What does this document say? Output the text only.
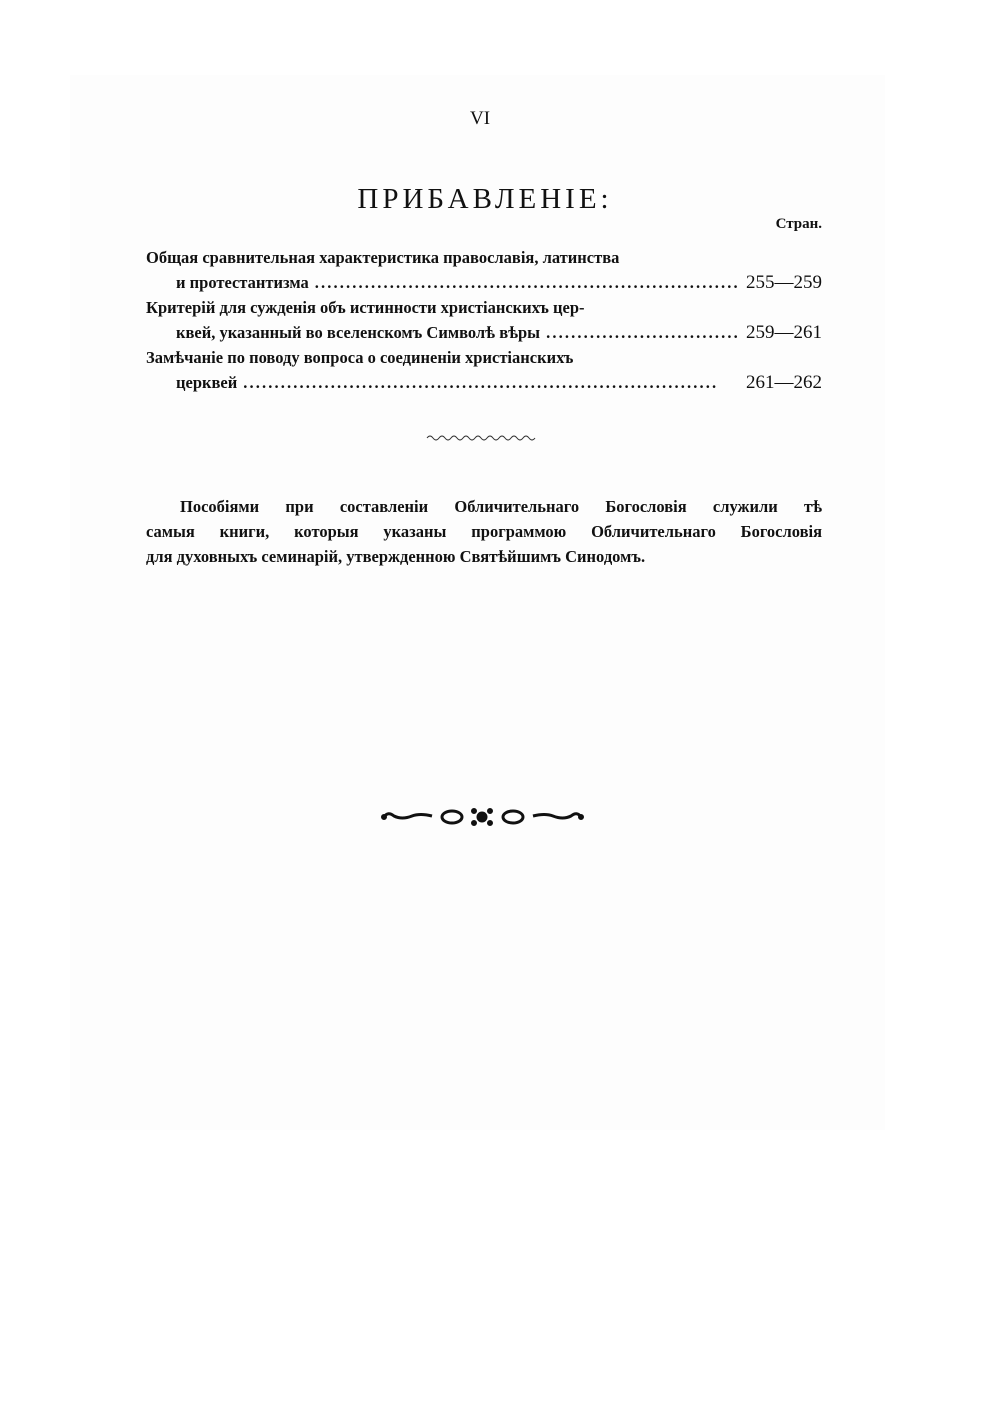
VI
ПРИБАВЛЕНІЕ:
Стран.
Общая сравнительная характеристика православія, латинства
и протестантизма . . .	255—259
Критерій для сужденія объ истинности христіанскихъ цер-
квей, указанный во вселенскомъ Символѣ вѣры . . .	259—261
Замѣчаніе по поводу вопроса о соединеніи христіанскихъ
церквей . . .	261—262
Пособіями при составленіи Обличительнаго Богословія служили тѣ
самыя книги, которыя указаны программою Обличительнаго Богословія
для духовныхъ семинарій, утвержденною Святѣйшимъ Синодомъ.
